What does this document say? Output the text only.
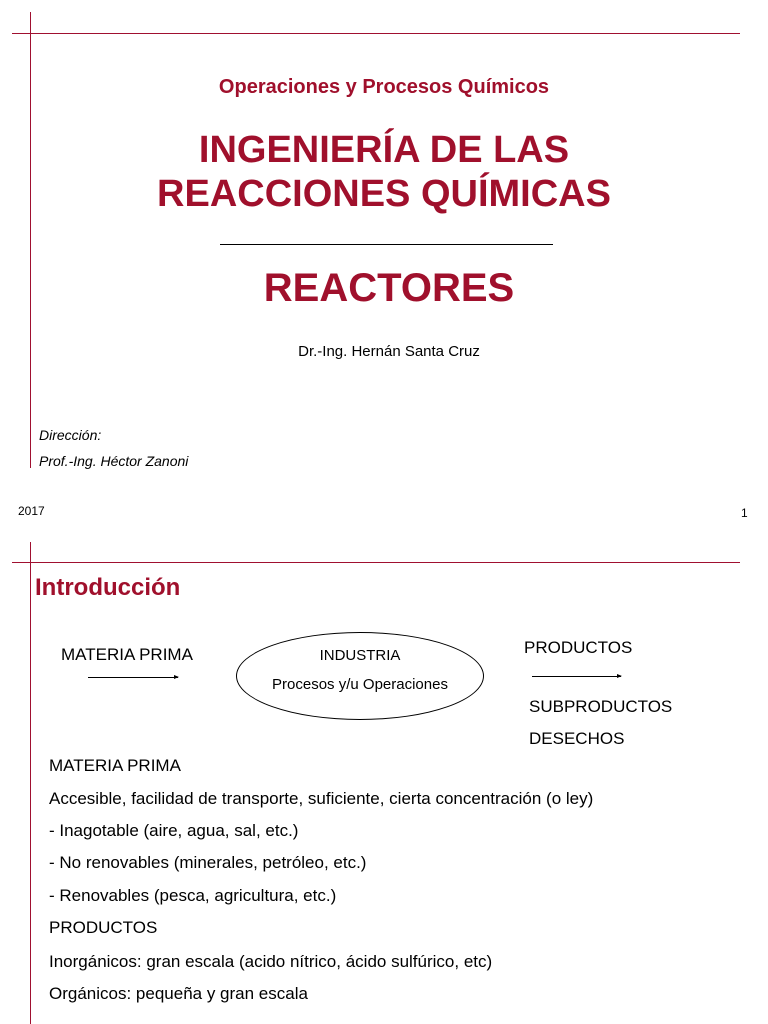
Operaciones y Procesos Químicos
INGENIERÍA DE LAS
REACCIONES QUÍMICAS
REACTORES
Dr.-Ing. Hernán Santa Cruz
Dirección:
Prof.-Ing. Héctor Zanoni
2017	1
Introducción
MATERIA PRIMA	INDUSTRIA
Procesos y/u Operaciones
PRODUCTOS
SUBPRODUCTOS
DESECHOS
MATERIA PRIMA
Accesible, facilidad de transporte, suficiente, cierta concentración (o ley)
- Inagotable (aire, agua, sal, etc.)
- No renovables (minerales, petróleo, etc.)
- Renovables (pesca, agricultura, etc.)
PRODUCTOS
Inorgánicos: gran escala (acido nítrico, ácido sulfúrico, etc)
Orgánicos: pequeña y gran escala
